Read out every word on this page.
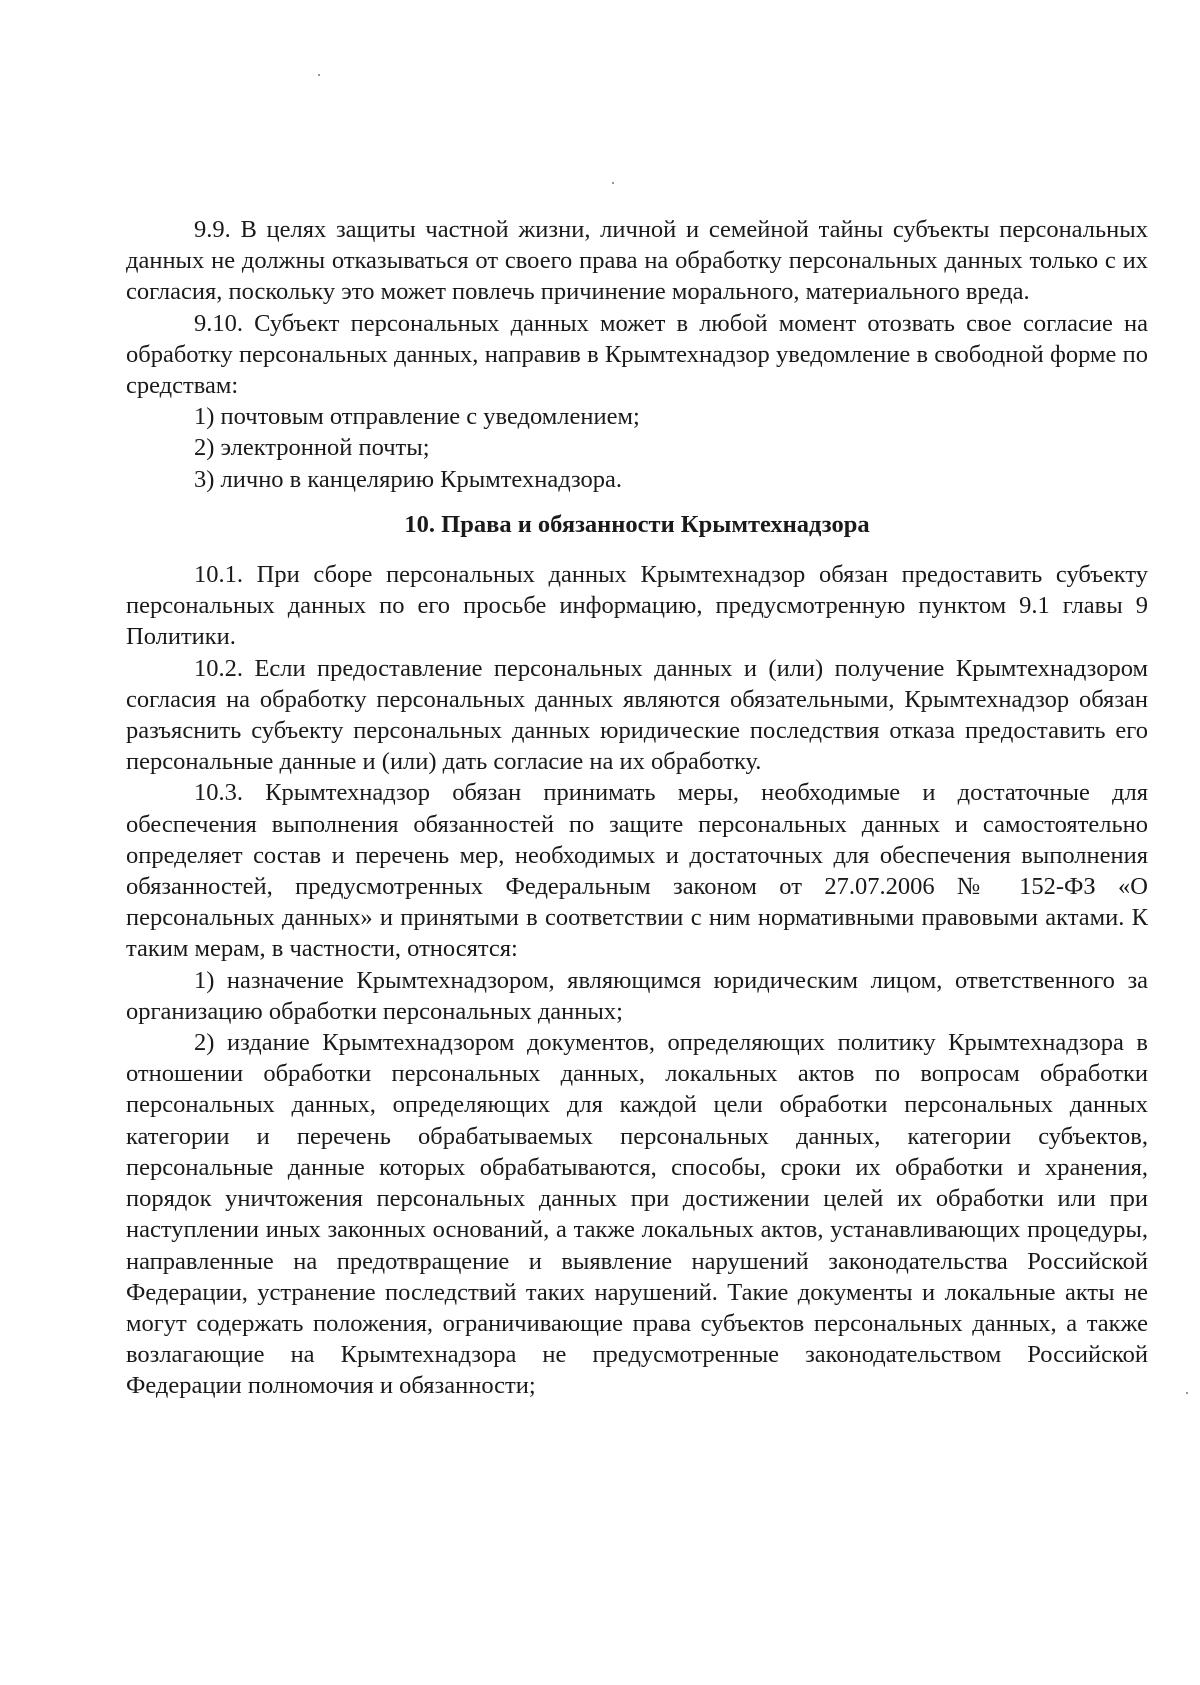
9.9. В целях защиты частной жизни, личной и семейной тайны субъекты персональных данных не должны отказываться от своего права на обработку персональных данных только с их согласия, поскольку это может повлечь причинение морального, материального вреда.

9.10. Субъект персональных данных может в любой момент отозвать свое согласие на обработку персональных данных, направив в Крымтехнадзор уведомление в свободной форме по средствам:

1) почтовым отправление с уведомлением;

2) электронной почты;

3) лично в канцелярию Крымтехнадзора.

10. Права и обязанности Крымтехнадзора

10.1. При сборе персональных данных Крымтехнадзор обязан предоставить субъекту персональных данных по его просьбе информацию, предусмотренную пунктом 9.1 главы 9 Политики.

10.2. Если предоставление персональных данных и (или) получение Крымтехнадзором согласия на обработку персональных данных являются обязательными, Крымтехнадзор обязан разъяснить субъекту персональных данных юридические последствия отказа предоставить его персональные данные и (или) дать согласие на их обработку.

10.3. Крымтехнадзор обязан принимать меры, необходимые и достаточные для обеспечения выполнения обязанностей по защите персональных данных и самостоятельно определяет состав и перечень мер, необходимых и достаточных для обеспечения выполнения обязанностей, предусмотренных Федеральным законом от 27.07.2006 № 152-ФЗ «О персональных данных» и принятыми в соответствии с ним нормативными правовыми актами. К таким мерам, в частности, относятся:

1) назначение Крымтехнадзором, являющимся юридическим лицом, ответственного за организацию обработки персональных данных;

2) издание Крымтехнадзором документов, определяющих политику Крымтехнадзора в отношении обработки персональных данных, локальных актов по вопросам обработки персональных данных, определяющих для каждой цели обработки персональных данных категории и перечень обрабатываемых персональных данных, категории субъектов, персональные данные которых обрабатываются, способы, сроки их обработки и хранения, порядок уничтожения персональных данных при достижении целей их обработки или при наступлении иных законных оснований, а также локальных актов, устанавливающих процедуры, направленные на предотвращение и выявление нарушений законодательства Российской Федерации, устранение последствий таких нарушений. Такие документы и локальные акты не могут содержать положения, ограничивающие права субъектов персональных данных, а также возлагающие на Крымтехнадзора не предусмотренные законодательством Российской Федерации полномочия и обязанности;
